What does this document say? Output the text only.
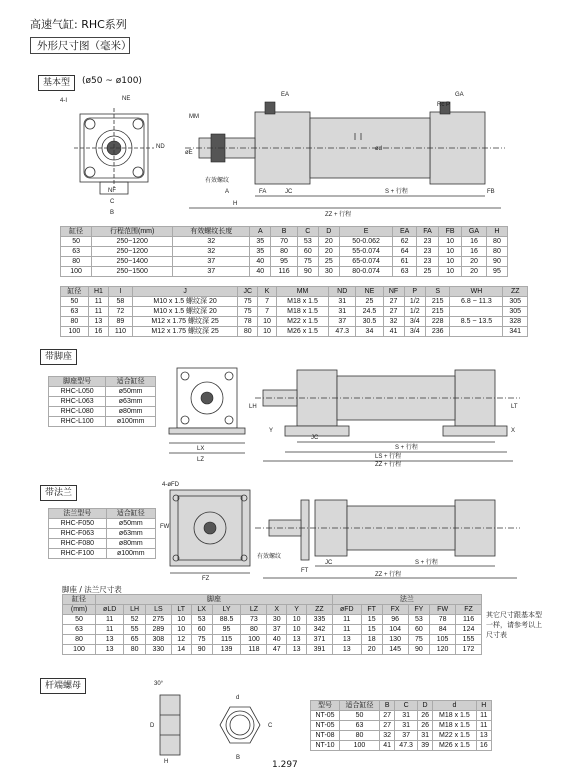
高速气缸: RHC系列
外形尺寸图（毫米）
基本型	(ø50 ~ ø100)
NE
4-I
ND
NF
C
B
EA	GA
Rc P
MM
øE
ød
有效螺纹
A	FA	JC	S + 行程	FB
H
ZZ + 行程
缸径	行程范围(mm)	有效螺纹长度	A	B	C	D	E	EA	FA	FB	GA	H
50	250~1200	32	35	70	53	20	50-0.062	62	23	10	16	80
63	250~1200	32	35	80	60	20	55-0.074	64	23	10	16	80
80	250~1400	37	40	95	75	25	65-0.074	61	23	10	20	90
100	250~1500	37	40	116	90	30	80-0.074	63	25	10	20	95
缸径	H1	I	J	JC	K	MM	ND	NE	NF	P	S	WH	ZZ
50	11	58	M10 x 1.5 螺纹深 20	75	7	M18 x 1.5	31	25	27	1/2	215	6.8 ~ 11.3	305
63	11	72	M10 x 1.5 螺纹深 20	75	7	M18 x 1.5	31	24.5	27	1/2	215		305
80	13	89	M12 x 1.75 螺纹深 25	78	10	M22 x 1.5	37	30.5	32	3/4	228	8.5 ~ 13.5	328
100	16	110	M12 x 1.75 螺纹深 25	80	10	M26 x 1.5	47.3	34	41	3/4	236		341
带脚座
脚座型号	适合缸径
RHC-L050	ø50mm
RHC-L063	ø63mm
RHC-L080	ø80mm
RHC-L100	ø100mm
LX
LZ
LH
JC
S + 行程
LS + 行程
ZZ + 行程
LT
X
Y
带法兰
法兰型号	适合缸径
RHC-F050	ø50mm
RHC-F063	ø63mm
RHC-F080	ø80mm
RHC-F100	ø100mm
4-øFD
FW
FZ
JC	S + 行程
ZZ + 行程
FT
有效螺纹
脚座 / 法兰尺寸表
缸径	脚座										法兰					
(mm)	øLD	LH	LS	LT	LX	LY	LZ	X	Y	ZZ	øFD	FT	FX	FY	FW	FZ
50	11	52	275	10	53	88.5	73	30	10	335	11	15	96	53	78	116
63	11	55	289	10	60	95	80	37	10	342	11	15	104	60	84	124
80	13	65	308	12	75	115	100	40	13	371	13	18	130	75	105	155
100	13	80	330	14	90	139	118	47	13	391	13	20	145	90	120	172
其它尺寸跟基本型一样，请参考以上尺寸表
杆端螺母	30°
H
D
d
B
C
型号	适合缸径	B	C	D	d	H
NT-05	50	27	31	26	M18 x 1.5	11
NT-05	63	27	31	26	M18 x 1.5	11
NT-08	80	32	37	31	M22 x 1.5	13
NT-10	100	41	47.3	39	M26 x 1.5	16
1.297
